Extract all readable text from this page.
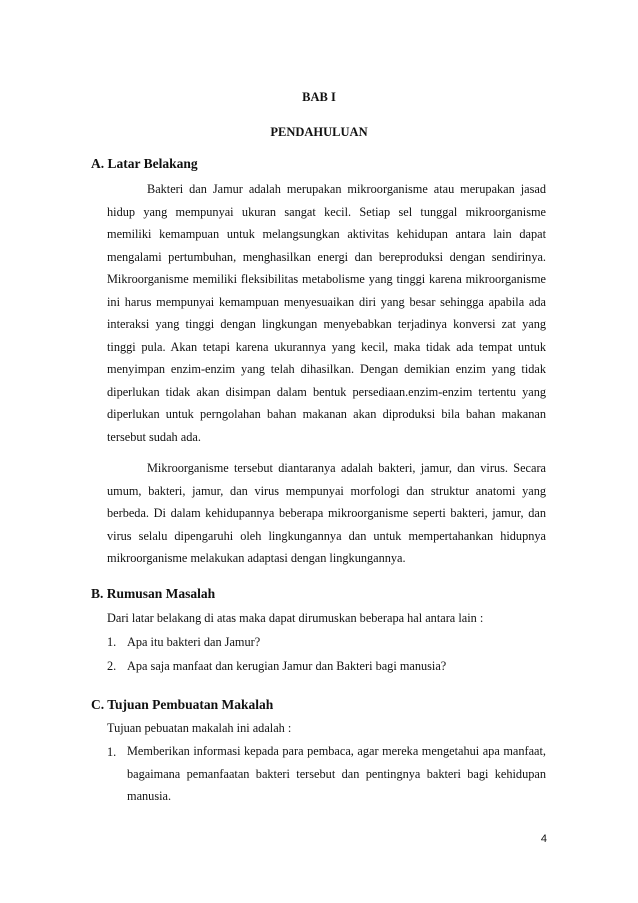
BAB I
PENDAHULUAN
A. Latar Belakang

Bakteri dan Jamur adalah merupakan mikroorganisme atau merupakan jasad hidup yang mempunyai ukuran sangat kecil. Setiap sel tunggal mikroorganisme memiliki kemampuan untuk melangsungkan aktivitas kehidupan antara lain dapat mengalami pertumbuhan, menghasilkan energi dan bereproduksi dengan sendirinya. Mikroorganisme memiliki fleksibilitas metabolisme yang tinggi karena mikroorganisme ini harus mempunyai kemampuan menyesuaikan diri yang besar sehingga apabila ada interaksi yang tinggi dengan lingkungan menyebabkan terjadinya konversi zat yang tinggi pula. Akan tetapi karena ukurannya yang kecil, maka tidak ada tempat untuk menyimpan enzim-enzim yang telah dihasilkan. Dengan demikian enzim yang tidak diperlukan tidak akan disimpan dalam bentuk persediaan.enzim-enzim tertentu yang diperlukan untuk perngolahan bahan makanan akan diproduksi bila bahan makanan tersebut sudah ada.

Mikroorganisme tersebut diantaranya adalah bakteri, jamur, dan virus. Secara umum, bakteri, jamur, dan virus mempunyai morfologi dan struktur anatomi yang berbeda. Di dalam kehidupannya beberapa mikroorganisme seperti bakteri, jamur, dan virus selalu dipengaruhi oleh lingkungannya dan untuk mempertahankan hidupnya mikroorganisme melakukan adaptasi dengan lingkungannya.

B. Rumusan Masalah
Dari latar belakang di atas maka dapat dirumuskan beberapa hal antara lain :
1. Apa itu bakteri dan Jamur?
2. Apa saja manfaat dan kerugian Jamur dan Bakteri bagi manusia?
C. Tujuan Pembuatan Makalah
Tujuan pebuatan makalah ini adalah :
1. Memberikan informasi kepada para pembaca, agar mereka mengetahui apa manfaat, bagaimana pemanfaatan bakteri tersebut dan pentingnya bakteri bagi kehidupan manusia.
4
